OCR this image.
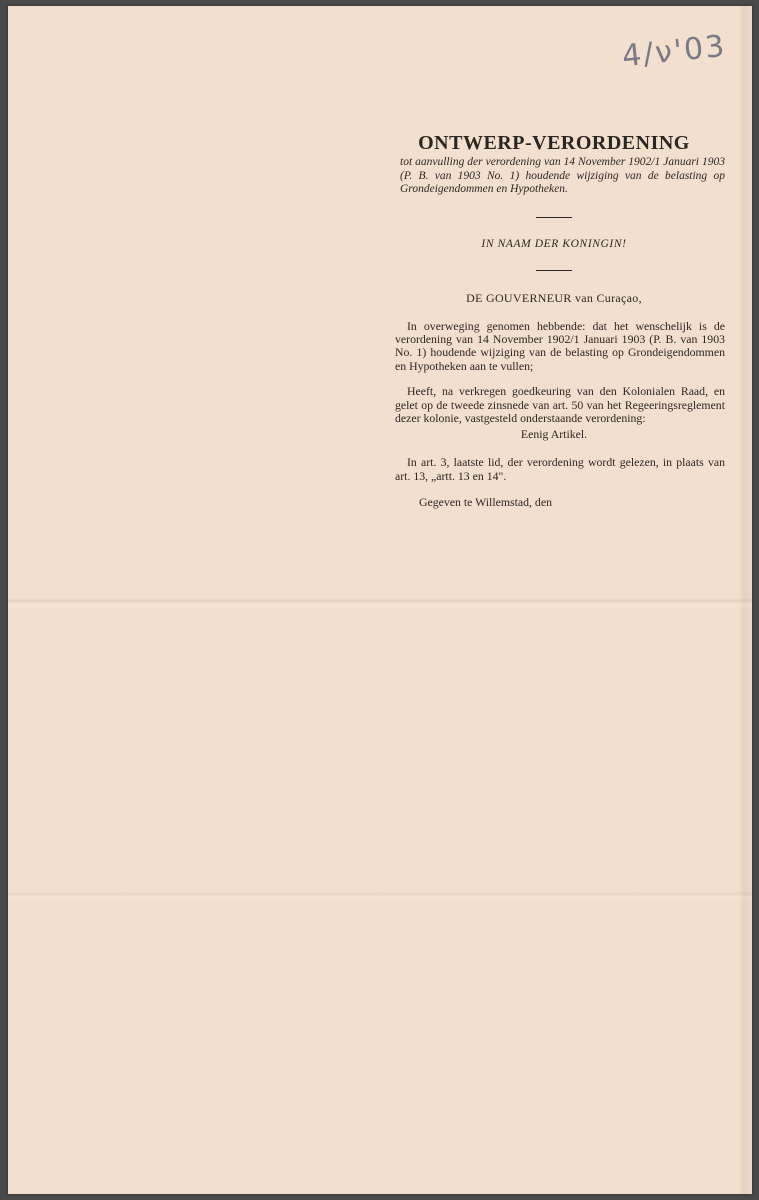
4/ν'03
ONTWERP-VERORDENING

tot aanvulling der verordening van 14 November 1902/1 Januari 1903 (P. B. van 1903 No. 1) houdende wijziging van de belasting op Grondeigendommen en Hypotheken.

IN NAAM DER KONINGIN!

DE GOUVERNEUR van Curaçao,

In overweging genomen hebbende: dat het wenschelijk is de verordening van 14 November 1902/1 Januari 1903 (P. B. van 1903 No. 1) houdende wijziging van de belasting op Grondeigendommen en Hypotheken aan te vullen;

Heeft, na verkregen goedkeuring van den Kolonialen Raad, en gelet op de tweede zinsnede van art. 50 van het Regeeringsreglement dezer kolonie, vastgesteld onderstaande verordening:

Eenig Artikel.

In art. 3, laatste lid, der verordening wordt gelezen, in plaats van art. 13, „artt. 13 en 14".

Gegeven te Willemstad, den
